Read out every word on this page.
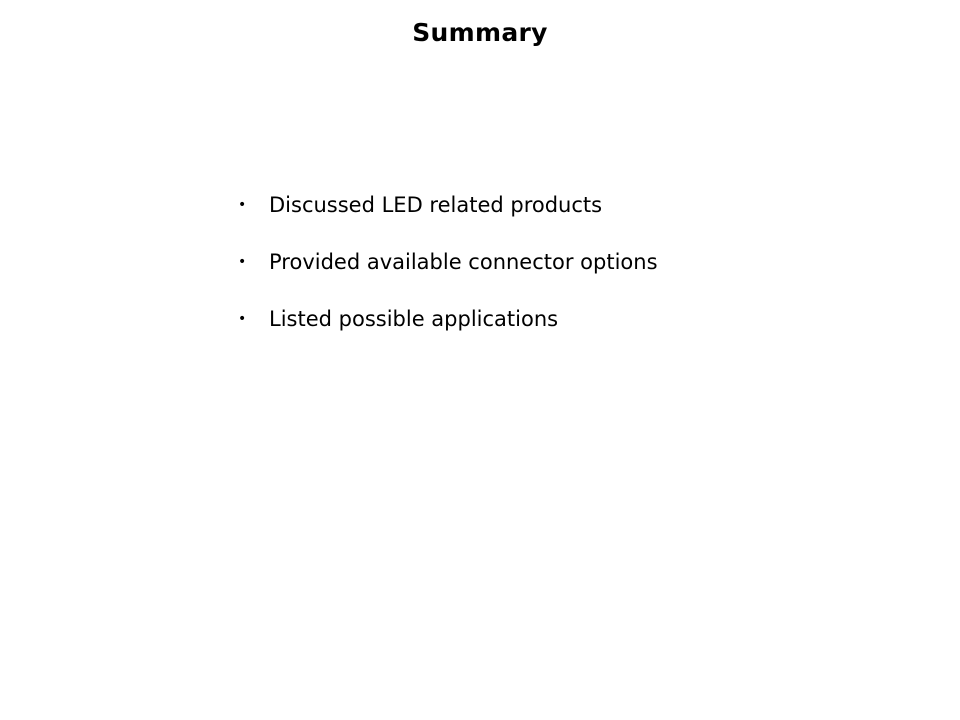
Summary
•	Discussed LED related products
•	Provided available connector options
•	Listed possible applications
